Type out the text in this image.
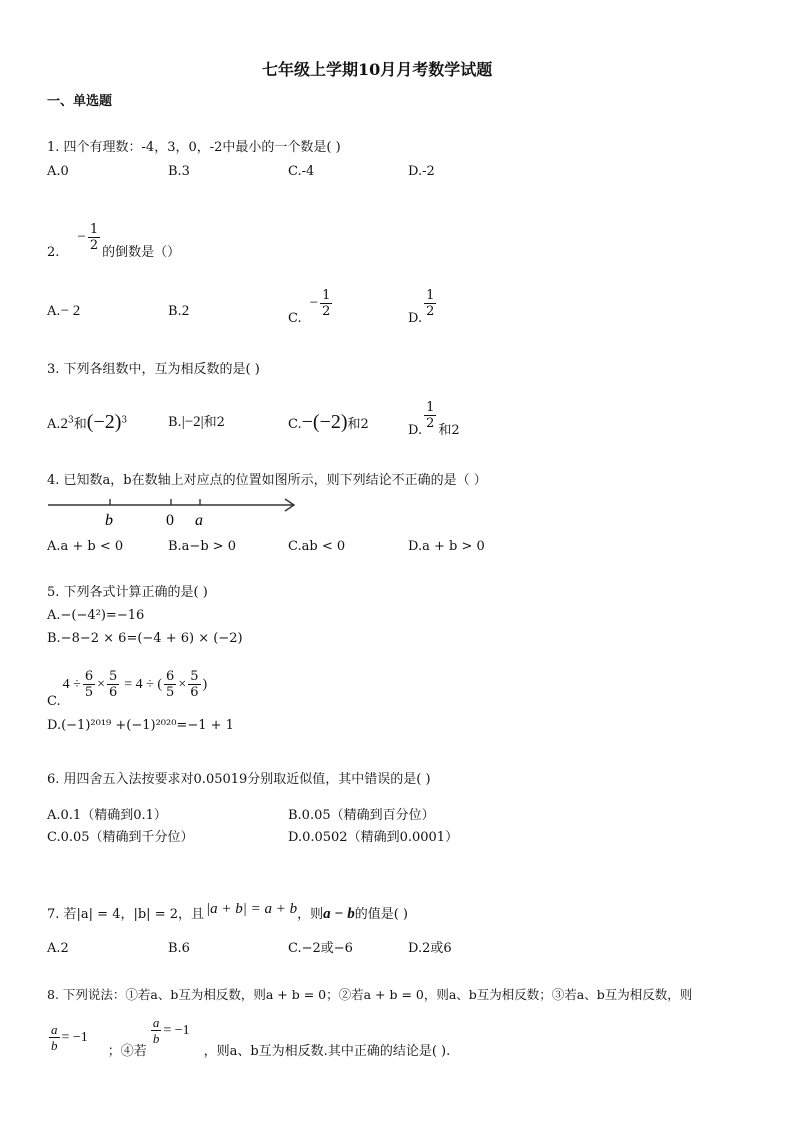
七年级上学期10月月考数学试题
一、单选题
1. 四个有理数：-4，3，0，-2中最小的一个数是( )
A.0	B.3	C.-4	D.-2
2.
− $\frac{1}{2}$
的倒数是（）
A.− 2	B.2	C.
− $\frac{1}{2}$
D.
$\frac{1}{2}$
3. 下列各组数中，互为相反数的是( )
$A.2^3$和$(-2)^3$	B.|−2|和2	C.−(−2)和2	D.
$\frac{1}{2}$
和2
4. 已知数a，b在数轴上对应点的位置如图所示，则下列结论不正确的是（ ）
b	0 a
A.a + b < 0	B.a−b > 0	C.ab < 0	D.a + b > 0
5. 下列各式计算正确的是( )
A.−(−4²)=−16
B.−8−2 × 6=(−4 + 6) × (−2)
C.
$4 \div \frac{6}{5} \times \frac{5}{6} = 4$ ÷ ( $\frac{6}{5} \times \frac{5}{6}$ )
D.(−1)²⁰¹⁹ +(−1)²⁰²⁰=−1 + 1
6. 用四舍五入法按要求对0.05019分别取近似值，其中错误的是( )
A.0.1（精确到0.1）	B.0.05（精确到百分位）
C.0.05（精确到千分位）	D.0.0502（精确到0.0001）
7. 若|a| = 4，|b| = 2，且 |a + b| = a + b ，则 a − b 的值是( )
A.2	B.6	C.−2或−6	D.2或6
8. 下列说法：①若a、b互为相反数，则a + b = 0；②若a + b = 0，则a、b互为相反数；③若a、b互为相反数，则
$\frac{a}{b} = -1$
；④若
$\frac{a}{b} = -1$
，则a、b互为相反数.其中正确的结论是( ).
